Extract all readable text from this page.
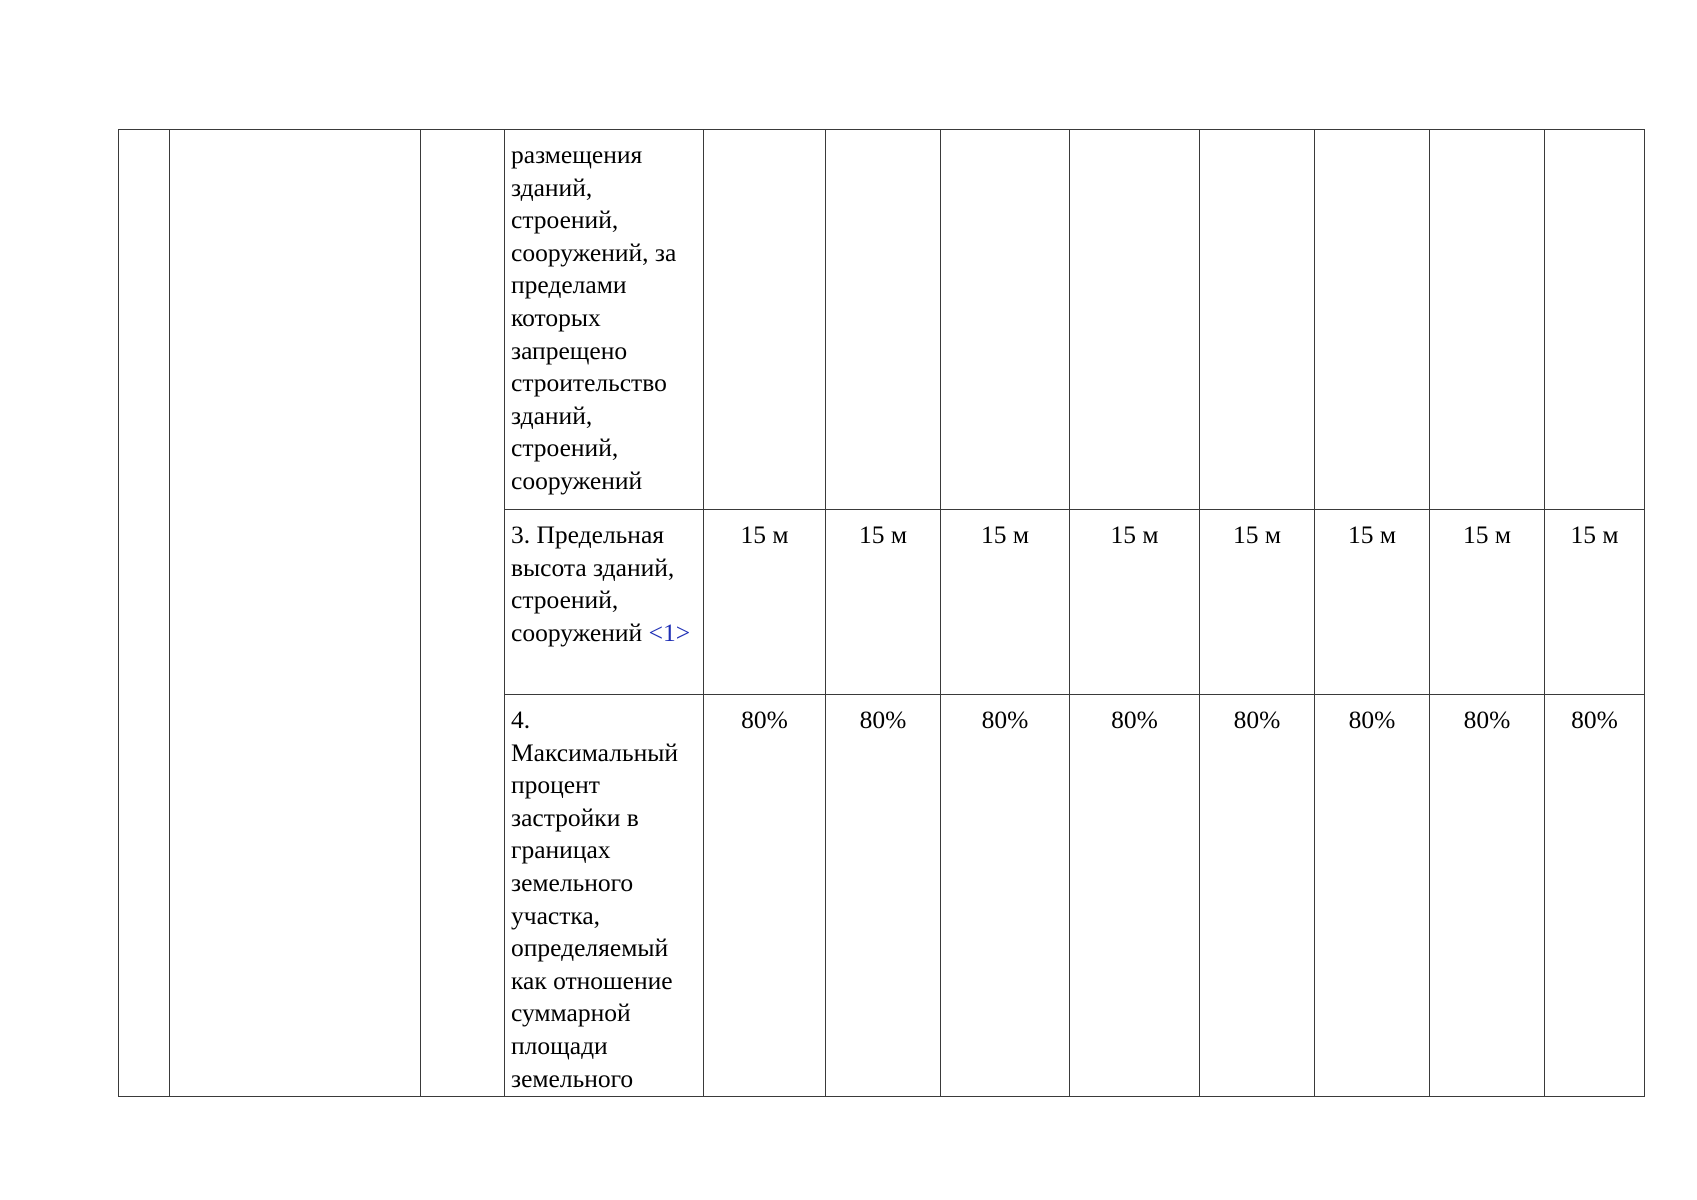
			размещения зданий, строений, сооружений, за пределами которых запрещено строительство зданий, строений, сооружений								
			3. Предельная высота зданий, строений, сооружений <1>	15 м	15 м	15 м	15 м	15 м	15 м	15 м	15 м
			4. Максимальный процент застройки в границах земельного участка, определяемый как отношение суммарной площади земельного	80%	80%	80%	80%	80%	80%	80%	80%
